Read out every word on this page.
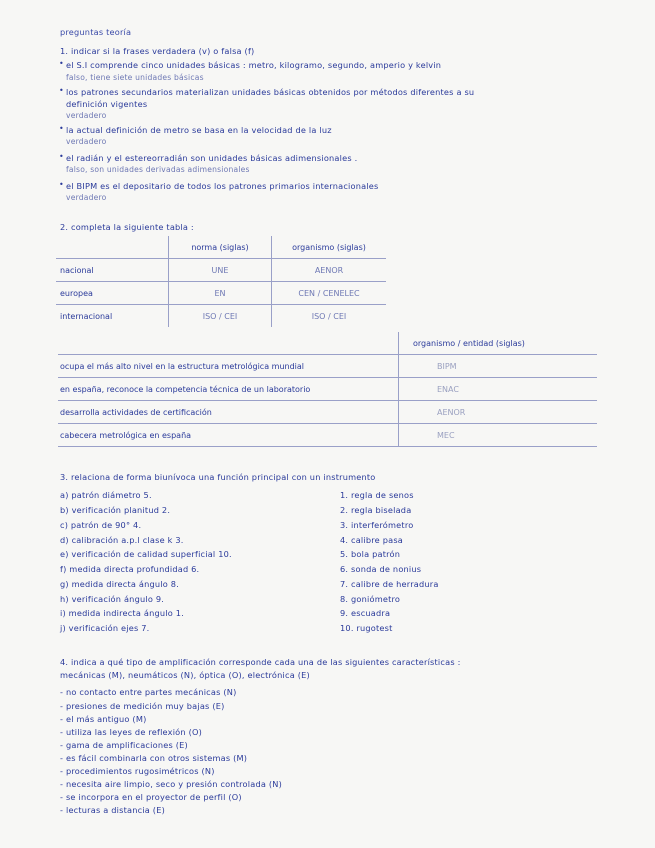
preguntas teoría
1. indicar si la frases verdadera (v) o falsa (f)
• el S.I comprende cinco unidades básicas : metro, kilogramo, segundo, amperio y kelvin
falso, tiene siete unidades básicas
• los patrones secundarios materializan unidades básicas obtenidos por métodos diferentes a su
definición vigentes
verdadero
• la actual definición de metro se basa en la velocidad de la luz
verdadero
• el radián y el estereorradián son unidades básicas adimensionales .
falso, son unidades derivadas adimensionales
• el BIPM es el depositario de todos los patrones primarios internacionales
verdadero
2. completa la siguiente tabla :
	norma (siglas)	organismo (siglas)
nacional	UNE	AENOR
europea	EN	CEN / CENELEC
internacional	ISO / CEI	ISO / CEI
	organismo / entidad (siglas)
ocupa el más alto nivel en la estructura metrológica mundial	BIPM
en españa, reconoce la competencia técnica de un laboratorio	ENAC
desarrolla actividades de certificación	AENOR
cabecera metrológica en españa	MEC
3. relaciona de forma biunívoca una función principal con un instrumento
a) patrón diámetro 5.
b) verificación planitud 2.
c) patrón de 90° 4.
d) calibración a.p.l clase k 3.
e) verificación de calidad superficial 10.
f) medida directa profundidad 6.
g) medida directa ángulo 8.
h) verificación ángulo 9.
i) medida indirecta ángulo 1.
j) verificación ejes 7.
1. regla de senos
2. regla biselada
3. interferómetro
4. calibre pasa
5. bola patrón
6. sonda de nonius
7. calibre de herradura
8. goniómetro
9. escuadra
10. rugotest
4. indica a qué tipo de amplificación corresponde cada una de las siguientes características :
mecánicas (M), neumáticos (N), óptica (O), electrónica (E)
- no contacto entre partes mecánicas (N)
- presiones de medición muy bajas (E)
- el más antiguo (M)
- utiliza las leyes de reflexión (O)
- gama de amplificaciones (E)
- es fácil combinarla con otros sistemas (M)
- procedimientos rugosimétricos (N)
- necesita aire limpio, seco y presión controlada (N)
- se incorpora en el proyector de perfil (O)
- lecturas a distancia (E)
